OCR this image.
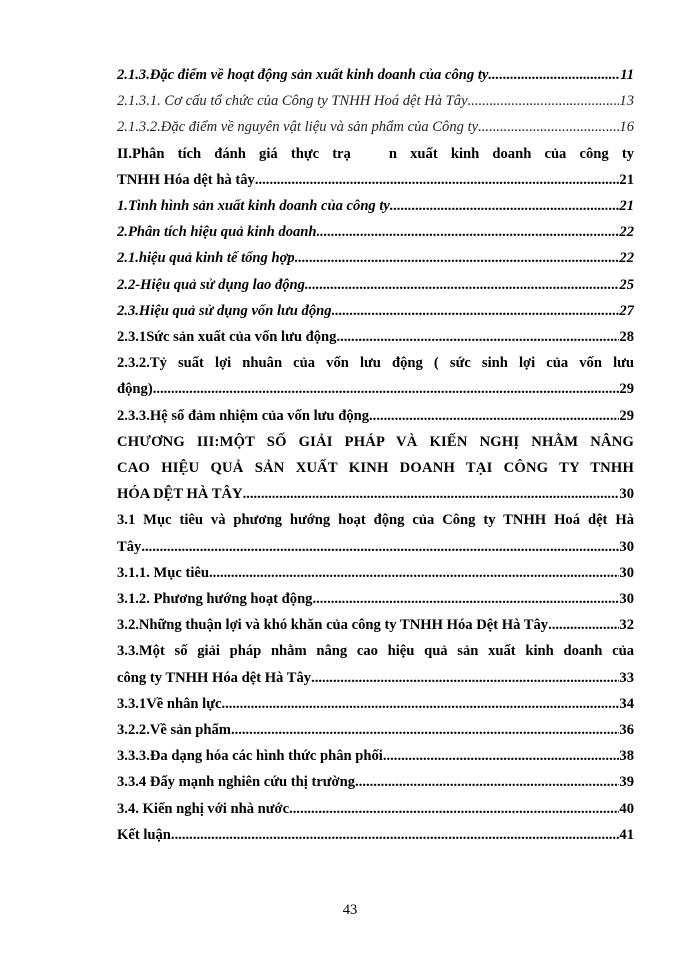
2.1.3.Đặc điểm về hoạt động sản xuất kinh doanh của công ty .....	11
2.1.3.1. Cơ cấu tổ chức của Công ty TNHH Hoá dệt Hà Tây .....	13
2.1.3.2.Đặc điểm về nguyên vật liệu và sản phẩm của Công ty .....	16
II.Phân tích đánh giá thực trạ	n xuất kinh doanh của công ty
TNHH Hóa dệt hà tây .....	21
1.Tình hình sản xuất kinh doanh của công ty .....	21
2.Phân tích hiệu quả kinh doanh .....	22
2.1.hiệu quả kinh tế tổng hợp .....	22
2.2-Hiệu quả sử dụng lao động .....	25
2.3.Hiệu quả sử dụng vốn lưu động .....	27
2.3.1Sức sản xuất của vốn lưu động .....	28
2.3.2.Tỷ suất lợi nhuân của vốn lưu động ( sức sinh lợi của vốn lưu
động) .....	29
2.3.3.Hệ số đảm nhiệm của vốn lưu động .....	29
CHƯƠNG III:MỘT SỐ GIẢI PHÁP VÀ KIẾN NGHỊ NHẰM NÂNG
CAO HIỆU QUẢ SẢN XUẤT KINH DOANH TẠI CÔNG TY TNHH
HÓA DỆT HÀ TÂY .....	30
3.1 Mục tiêu và phương hướng hoạt động của Công ty TNHH Hoá dệt Hà
Tây .....	30
3.1.1. Mục tiêu .....	30
3.1.2. Phương hướng hoạt động .....	30
3.2.Những thuận lợi và khó khăn của công ty TNHH Hóa Dệt Hà Tây .....	32
3.3.Một số giải pháp nhằm nâng cao hiệu quả sản xuất kinh doanh của
công ty TNHH Hóa dệt Hà Tây .....	33
3.3.1Về nhân lực .....	34
3.2.2.Về sản phẩm .....	36
3.3.3.Đa dạng hóa các hình thức phân phối .....	38
3.3.4 Đẩy mạnh nghiên cứu thị trường .....	39
3.4. Kiến nghị với nhà nước .....	40
Kết luận .....	41
43
